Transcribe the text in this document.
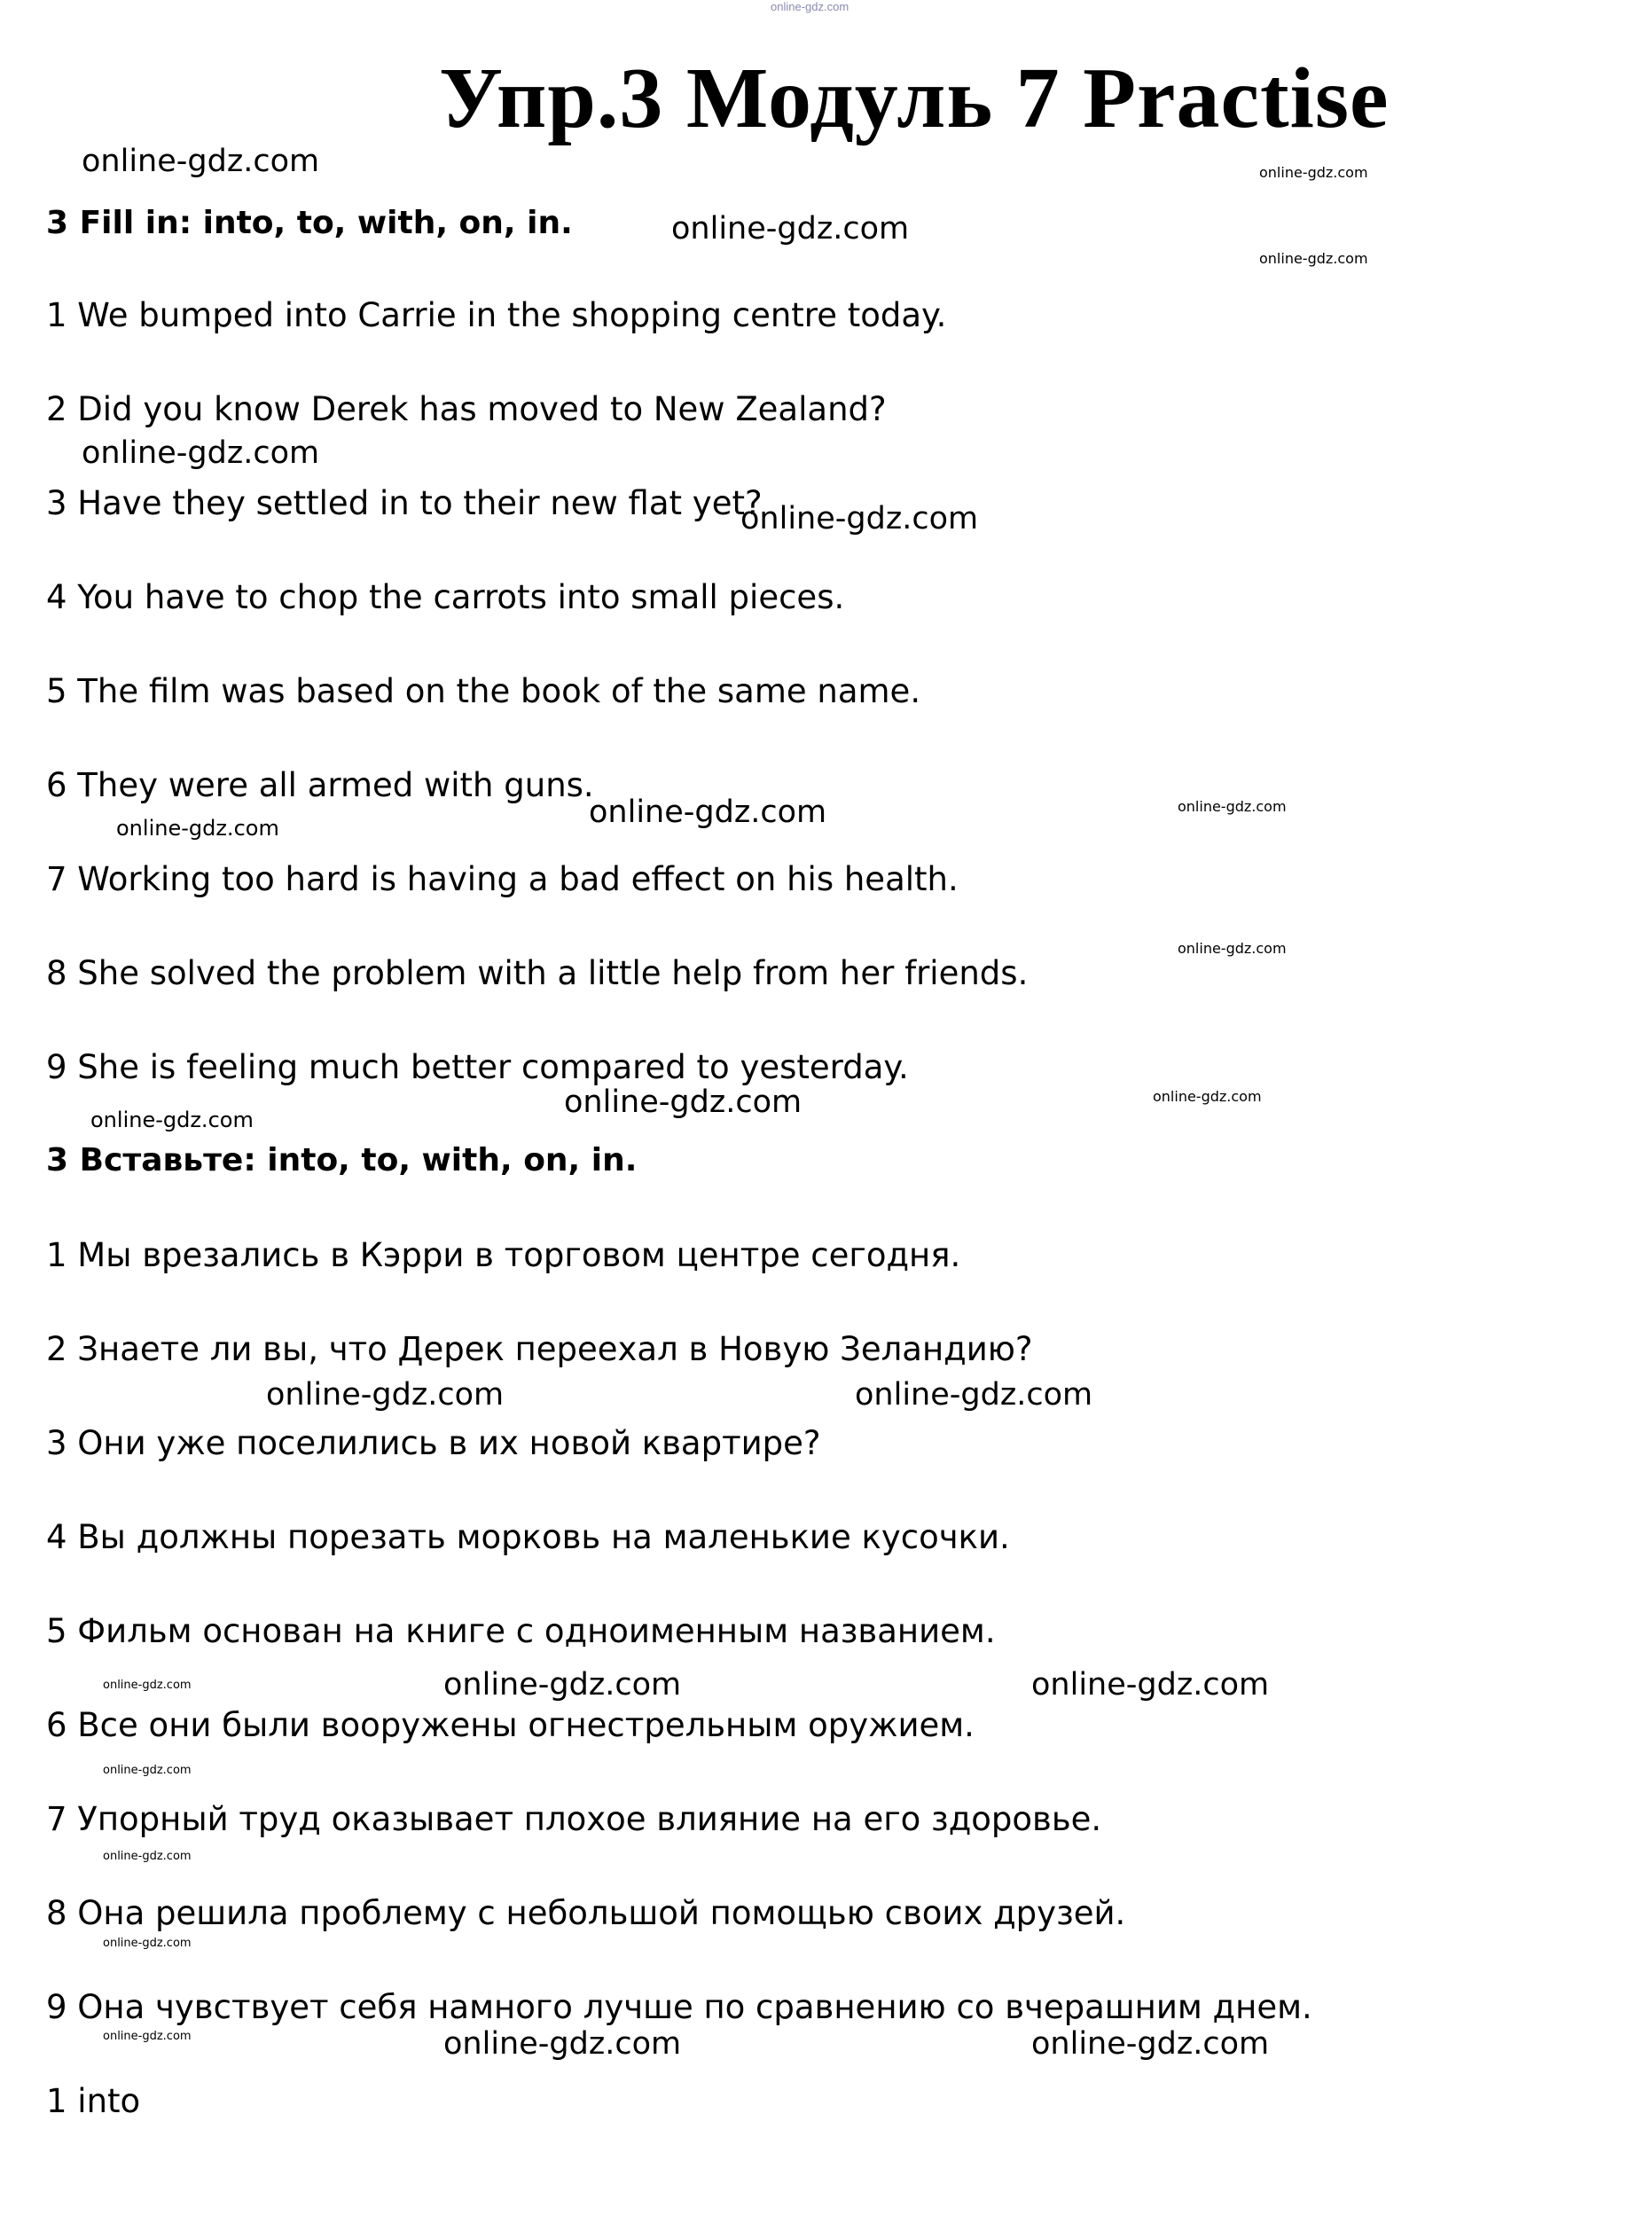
online-gdz.com
Упр.3 Модуль 7 Practise
3 Fill in: into, to, with, on, in.
1 We bumped into Carrie in the shopping centre today.
2 Did you know Derek has moved to New Zealand?
3 Have they settled in to their new flat yet?
4 You have to chop the carrots into small pieces.
5 The film was based on the book of the same name.
6 They were all armed with guns.
7 Working too hard is having a bad effect on his health.
8 She solved the problem with a little help from her friends.
9 She is feeling much better compared to yesterday.
3 Вставьте: into, to, with, on, in.
1 Мы врезались в Кэрри в торговом центре сегодня.
2 Знаете ли вы, что Дерек переехал в Новую Зеландию?
3 Они уже поселились в их новой квартире?
4 Вы должны порезать морковь на маленькие кусочки.
5 Фильм основан на книге с одноименным названием.
6 Все они были вооружены огнестрельным оружием.
7 Упорный труд оказывает плохое влияние на его здоровье.
8 Она решила проблему с небольшой помощью своих друзей.
9 Она чувствует себя намного лучше по сравнению со вчерашним днем.
1 into
online-gdz.com
online-gdz.com
online-gdz.com
online-gdz.com
online-gdz.com
online-gdz.com
online-gdz.com	online-gdz.com
online-gdz.com	online-gdz.com
online-gdz.com	online-gdz.com
online-gdz.com
online-gdz.com
online-gdz.com
online-gdz.com
online-gdz.com
online-gdz.com
online-gdz.com
online-gdz.com
online-gdz.com
online-gdz.com
online-gdz.com
online-gdz.com
